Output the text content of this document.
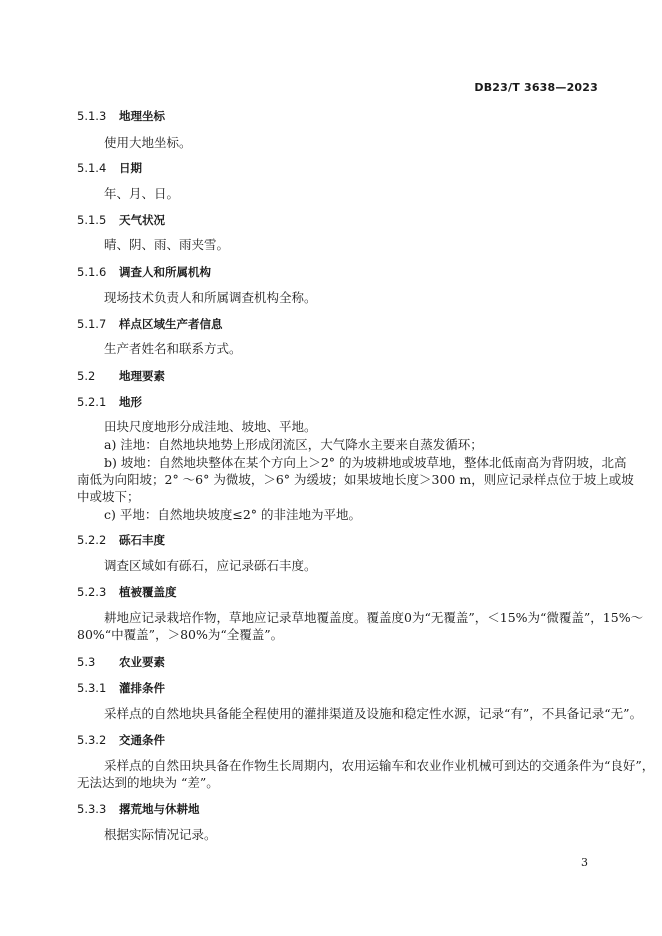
DB23/T 3638—2023
5.1.3 地理坐标
使用大地坐标。
5.1.4 日期
年、月、日。
5.1.5 天气状况
晴、阴、雨、雨夹雪。
5.1.6 调查人和所属机构
现场技术负责人和所属调查机构全称。
5.1.7 样点区域生产者信息
生产者姓名和联系方式。
5.2 地理要素
5.2.1 地形
田块尺度地形分成洼地、坡地、平地。
a) 洼地：自然地块地势上形成闭流区，大气降水主要来自蒸发循环；
b) 坡地：自然地块整体在某个方向上＞2° 的为坡耕地或坡草地，整体北低南高为背阴坡，北高
南低为向阳坡；2° ～6° 为微坡，＞6° 为缓坡；如果坡地长度＞300 m，则应记录样点位于坡上或坡
中或坡下；
c) 平地：自然地块坡度≤2° 的非洼地为平地。
5.2.2 砾石丰度
调查区域如有砾石，应记录砾石丰度。
5.2.3 植被覆盖度
耕地应记录栽培作物，草地应记录草地覆盖度。覆盖度0为“无覆盖”，＜15%为“微覆盖”，15%～
80%“中覆盖”，＞80%为“全覆盖”。
5.3 农业要素
5.3.1 灌排条件
采样点的自然地块具备能全程使用的灌排渠道及设施和稳定性水源，记录“有”，不具备记录“无”。
5.3.2 交通条件
采样点的自然田块具备在作物生长周期内，农用运输车和农业作业机械可到达的交通条件为“良好”，
无法达到的地块为 “差”。
5.3.3 撂荒地与休耕地
根据实际情况记录。
3
